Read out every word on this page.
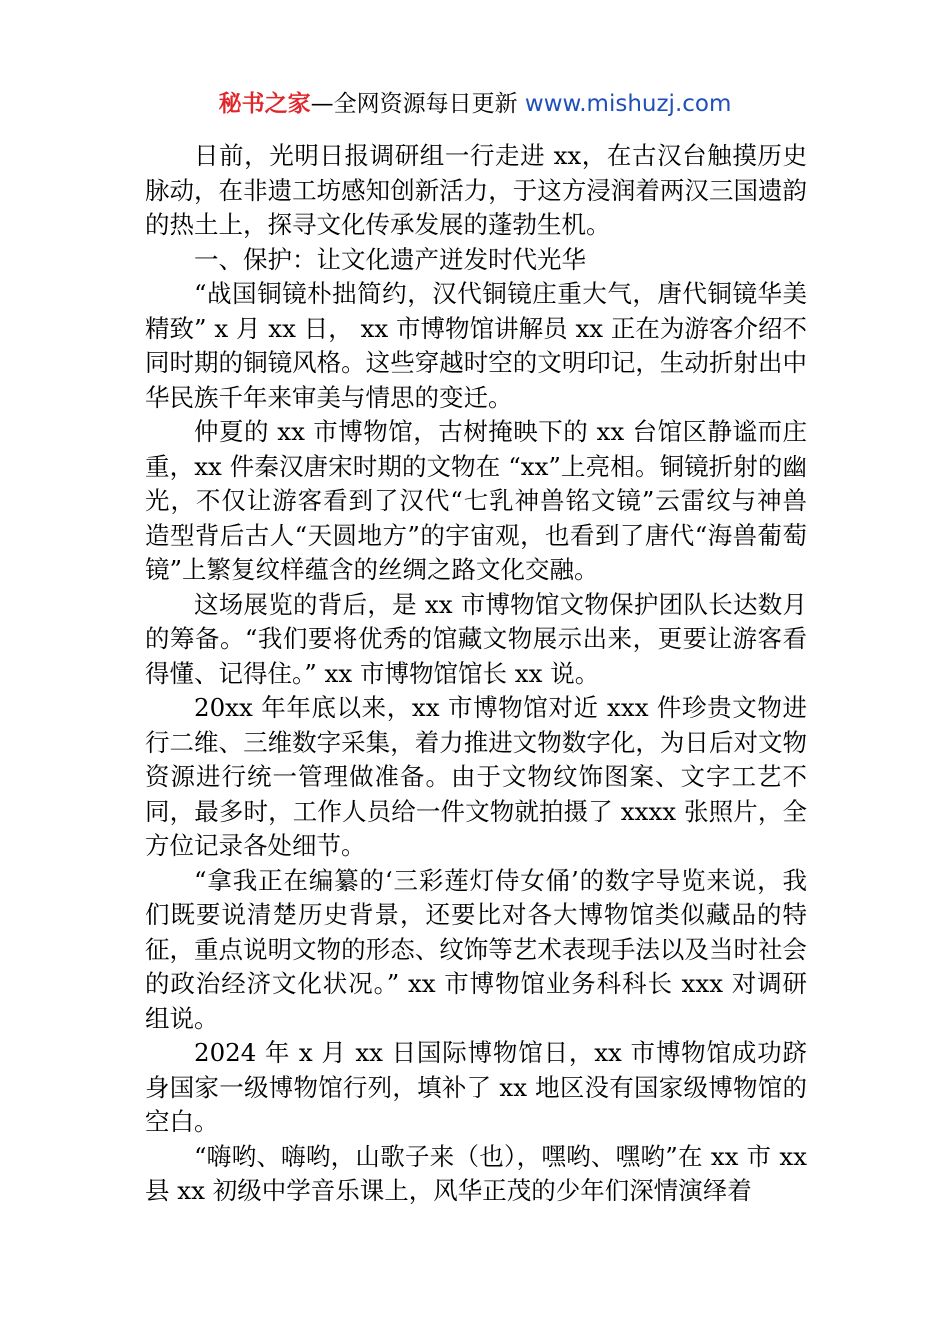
秘书之家—全网资源每日更新 www.mishuzj.com

日前，光明日报调研组一行走进 xx，在古汉台触摸历史脉动，在非遗工坊感知创新活力，于这方浸润着两汉三国遗韵的热土上，探寻文化传承发展的蓬勃生机。

一、保护：让文化遗产迸发时代光华

“战国铜镜朴拙简约，汉代铜镜庄重大气，唐代铜镜华美精致” x 月 xx 日， xx 市博物馆讲解员 xx 正在为游客介绍不同时期的铜镜风格。这些穿越时空的文明印记，生动折射出中华民族千年来审美与情思的变迁。

仲夏的 xx 市博物馆，古树掩映下的 xx 台馆区静谧而庄重，xx 件秦汉唐宋时期的文物在 “xx”上亮相。铜镜折射的幽光，不仅让游客看到了汉代“七乳神兽铭文镜”云雷纹与神兽造型背后古人“天圆地方”的宇宙观，也看到了唐代“海兽葡萄镜”上繁复纹样蕴含的丝绸之路文化交融。

这场展览的背后，是 xx 市博物馆文物保护团队长达数月的筹备。“我们要将优秀的馆藏文物展示出来，更要让游客看得懂、记得住。” xx 市博物馆馆长 xx 说。

20xx 年年底以来，xx 市博物馆对近 xxx 件珍贵文物进行二维、三维数字采集，着力推进文物数字化，为日后对文物资源进行统一管理做准备。由于文物纹饰图案、文字工艺不同，最多时，工作人员给一件文物就拍摄了 xxxx 张照片，全方位记录各处细节。

“拿我正在编纂的‘三彩莲灯侍女俑’的数字导览来说，我们既要说清楚历史背景，还要比对各大博物馆类似藏品的特征，重点说明文物的形态、纹饰等艺术表现手法以及当时社会的政治经济文化状况。” xx 市博物馆业务科科长 xxx 对调研组说。

2024 年 x 月 xx 日国际博物馆日，xx 市博物馆成功跻身国家一级博物馆行列，填补了 xx 地区没有国家级博物馆的空白。

“嗨哟、嗨哟，山歌子来（也），嘿哟、嘿哟”在 xx 市 xx 县 xx 初级中学音乐课上，风华正茂的少年们深情演绎着
